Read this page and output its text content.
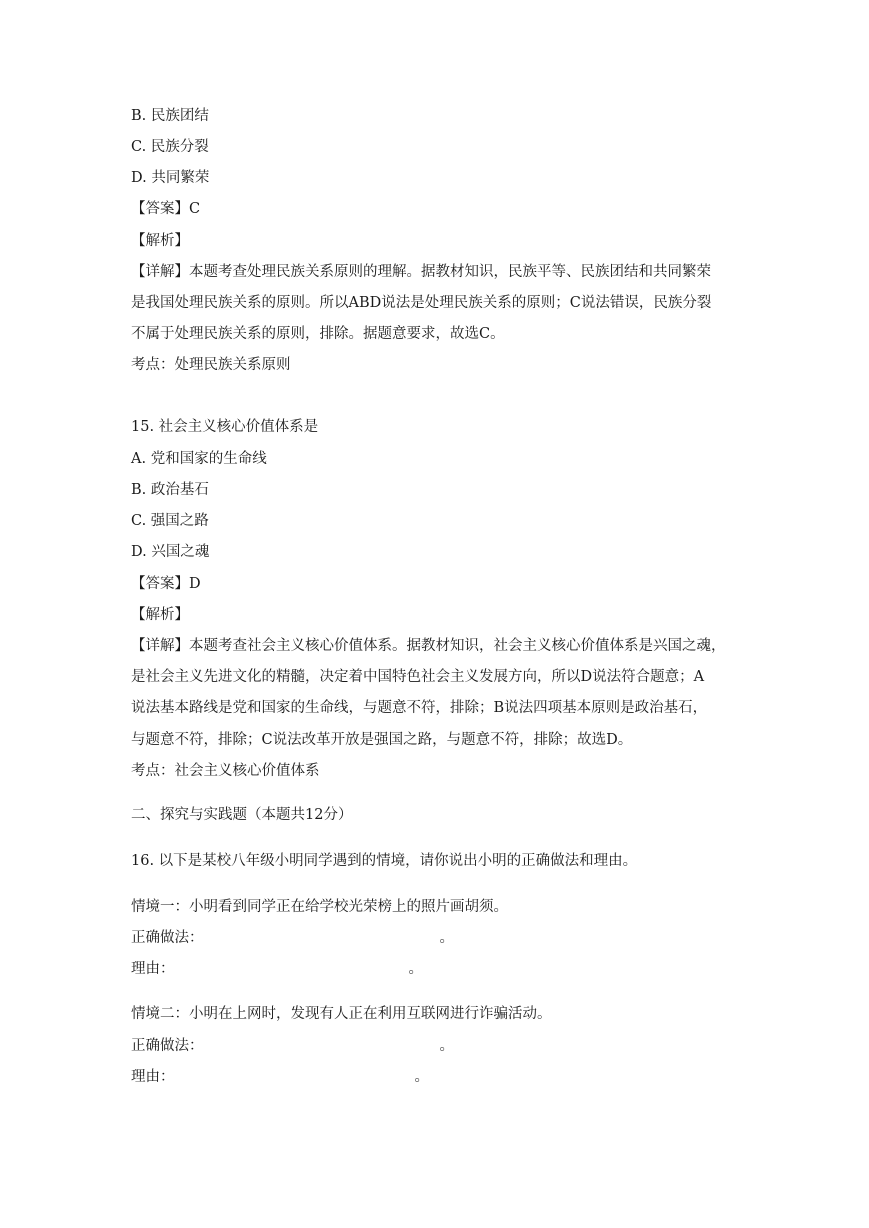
B. 民族团结
C. 民族分裂
D. 共同繁荣
【答案】C
【解析】
【详解】本题考查处理民族关系原则的理解。据教材知识，民族平等、民族团结和共同繁荣
是我国处理民族关系的原则。所以ABD说法是处理民族关系的原则；C说法错误，民族分裂
不属于处理民族关系的原则，排除。据题意要求，故选C。
考点：处理民族关系原则
15. 社会主义核心价值体系是
A. 党和国家的生命线
B. 政治基石
C. 强国之路
D. 兴国之魂
【答案】D
【解析】
【详解】本题考查社会主义核心价值体系。据教材知识，社会主义核心价值体系是兴国之魂，
是社会主义先进文化的精髓，决定着中国特色社会主义发展方向，所以D说法符合题意；A
说法基本路线是党和国家的生命线，与题意不符，排除；B说法四项基本原则是政治基石，
与题意不符，排除；C说法改革开放是强国之路，与题意不符，排除；故选D。
考点：社会主义核心价值体系
二、探究与实践题（本题共12分）
16. 以下是某校八年级小明同学遇到的情境，请你说出小明的正确做法和理由。
情境一：小明看到同学正在给学校光荣榜上的照片画胡须。
正确做法：	。
理由：	。
情境二：小明在上网时，发现有人正在利用互联网进行诈骗活动。
正确做法：	。
理由：	。
